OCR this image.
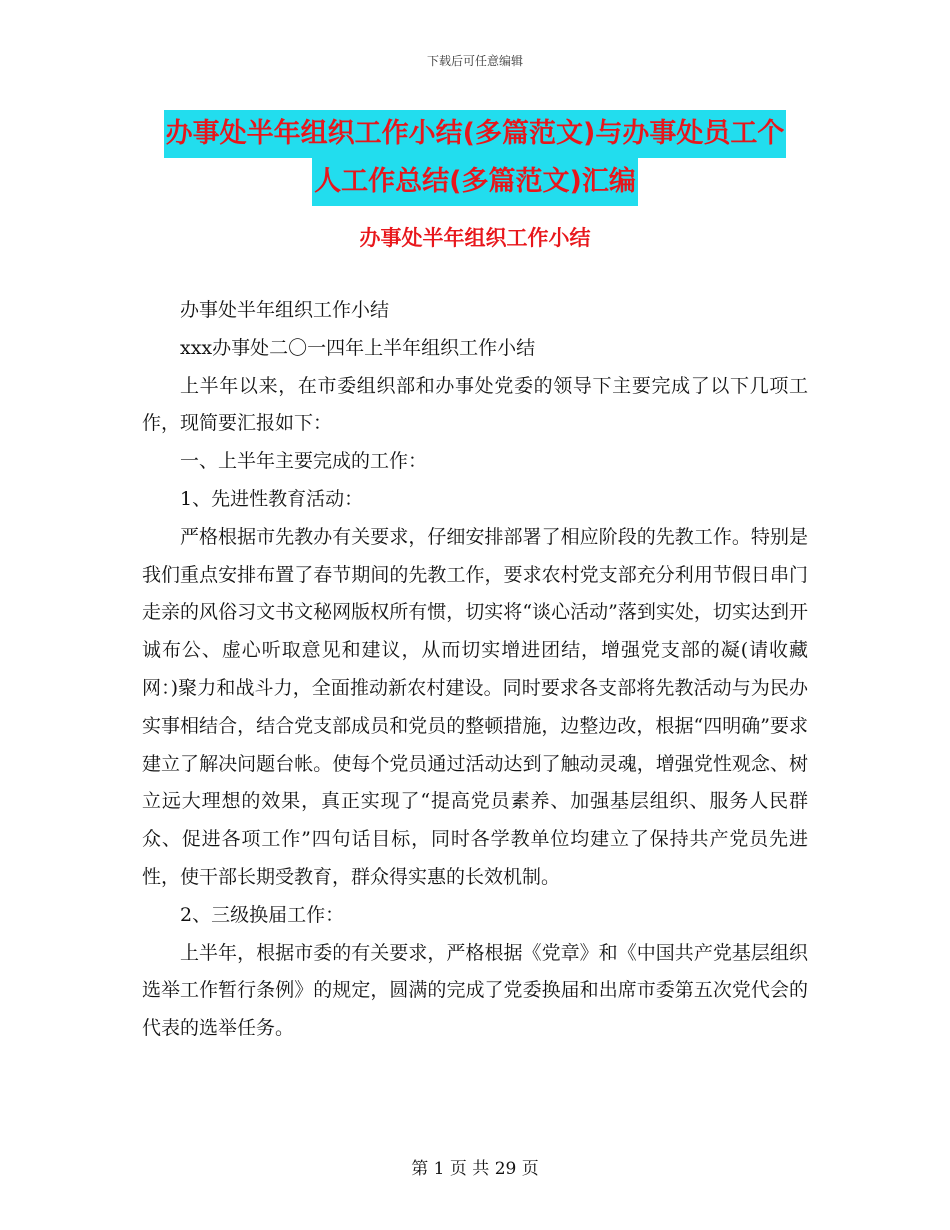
下载后可任意编辑
办事处半年组织工作小结(多篇范文)与办事处员工个
人工作总结(多篇范文)汇编
办事处半年组织工作小结

办事处半年组织工作小结

xxx办事处二〇一四年上半年组织工作小结

上半年以来，在市委组织部和办事处党委的领导下主要完成了以下几项工作，现简要汇报如下：

一、上半年主要完成的工作：

1、先进性教育活动：

严格根据市先教办有关要求，仔细安排部署了相应阶段的先教工作。特别是我们重点安排布置了春节期间的先教工作，要求农村党支部充分利用节假日串门走亲的风俗习文书文秘网版权所有惯，切实将“谈心活动”落到实处，切实达到开诚布公、虚心听取意见和建议，从而切实增进团结，增强党支部的凝(请收藏 网：)聚力和战斗力，全面推动新农村建设。同时要求各支部将先教活动与为民办实事相结合，结合党支部成员和党员的整顿措施，边整边改，根据“四明确”要求建立了解决问题台帐。使每个党员通过活动达到了触动灵魂，增强党性观念、树立远大理想的效果，真正实现了“提高党员素养、加强基层组织、服务人民群众、促进各项工作”四句话目标，同时各学教单位均建立了保持共产党员先进性，使干部长期受教育，群众得实惠的长效机制。

2、三级换届工作：

上半年，根据市委的有关要求，严格根据《党章》和《中国共产党基层组织选举工作暂行条例》的规定，圆满的完成了党委换届和出席市委第五次党代会的代表的选举任务。

第 1 页 共 29 页
